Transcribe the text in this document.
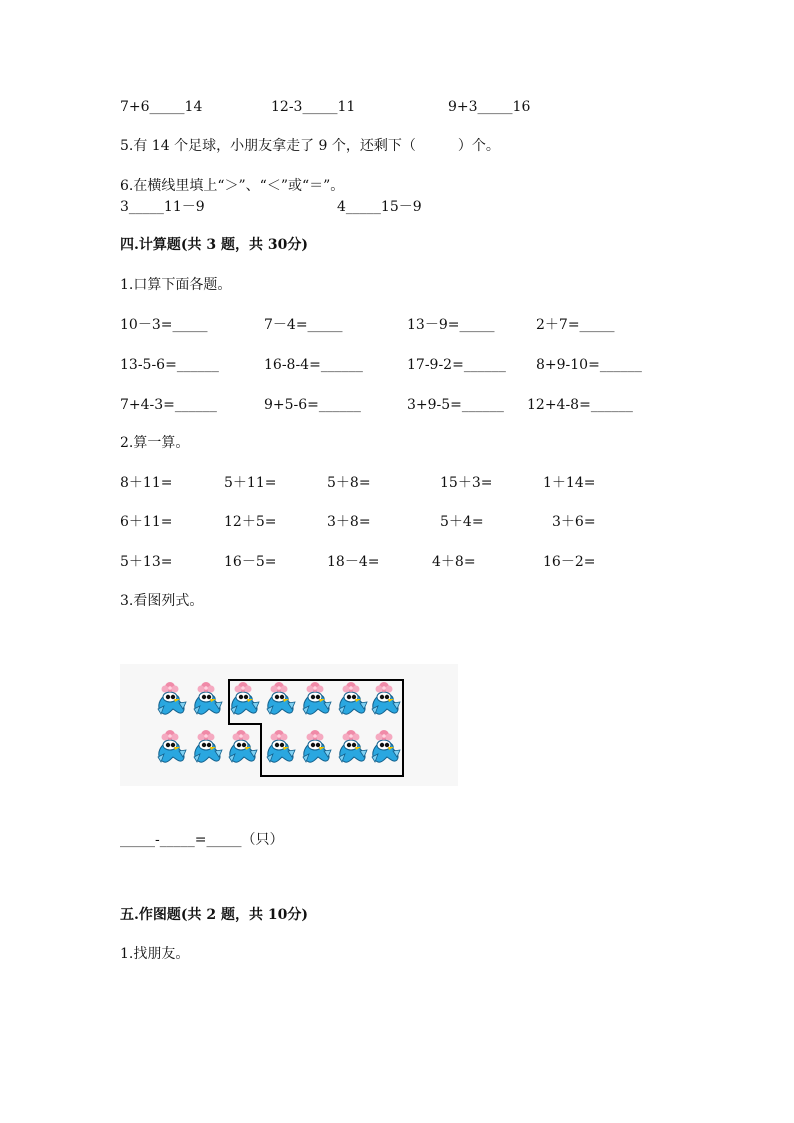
7+6_____14	12-3_____11	9+3_____16
5.有 14 个足球，小朋友拿走了 9 个，还剩下（　　　）个。
6.在横线里填上“＞”、“＜”或“＝”。
3_____11－9	4_____15－9
四.计算题(共 3 题，共 30分)
1.口算下面各题。
10－3=_____	7－4=_____	13－9=_____	2＋7=_____
13-5-6=______	16-8-4=______	17-9-2=______ 8+9-10=______
7+4-3=______	9+5-6=______	3+9-5=______ 12+4-8=______
2.算一算。
8＋11=	5＋11=	5＋8=	15＋3=	1＋14=
6＋11=	12＋5=	3＋8=	5＋4=	3＋6=
5＋13=	16－5=	18－4=	4＋8=	16－2=
3.看图列式。
_____-_____=_____（只）
五.作图题(共 2 题，共 10分)
1.找朋友。
